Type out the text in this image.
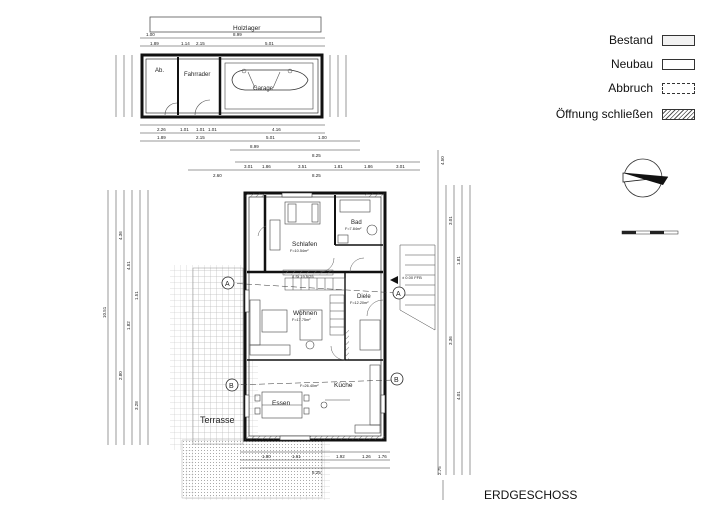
Holzlager
Ab.
Fahrrader
Garage
1.00	8.99
1.89	1.14 2.15	5.01
2.26	1.01 1.01 1.01	4.16
1.89	2.15	5.01	1.00
8.99
8.25
Terrasse
A
A
B
B
Bad
F=7.84m²
Schlafen
F=10.54m²
Diele
F=12.20m²
Wohnen
F=17.75m²
F=26.40m² Küche
Essen
8 St 19,5/25	± 0.00 FFB
3.01 1.86	3.51	1.81	1.86	3.01
2.60	8.25
1.80	1.61	1.92	1.26 1.76
8.25
10.51
4.36
4.51
1.51
1.82
2.80
3.28
4.50
3.01
1.81
3.36
4.01
2.75
Bestand
Neubau
Abbruch
Öffnung schließen
ERDGESCHOSS
